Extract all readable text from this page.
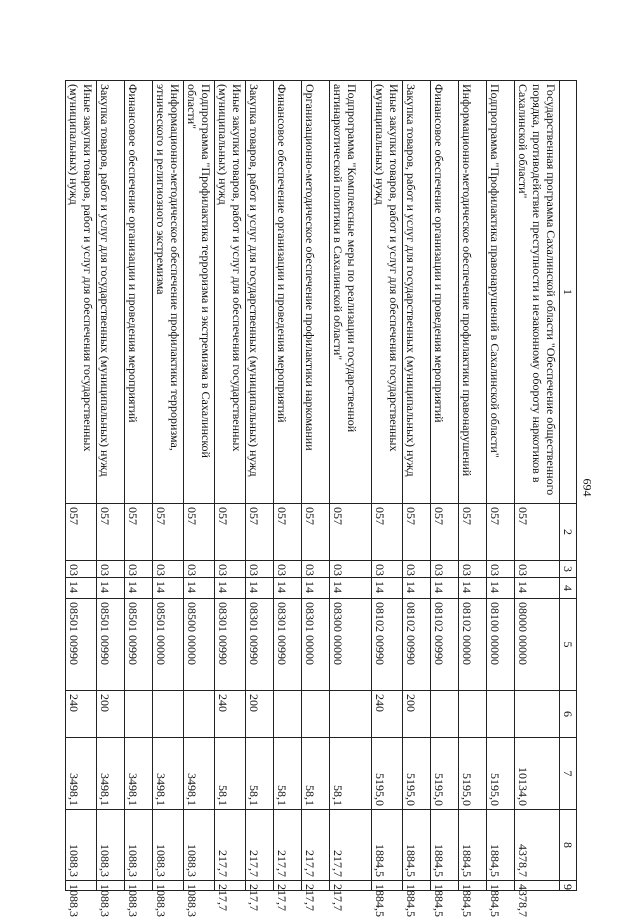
694
1	2	3	4	5	6	7	8	9
Государственная программа Сахалинской области "Обеспечение общественного порядка, противодействие преступности и незаконному обороту наркотиков в Сахалинской области"	057	03	14	08000 00000		10134,0	4378,7	4378,7
Подпрограмма "Профилактика правонарушений в Сахалинской области"	057	03	14	08100 00000		5195,0	1884,5	1884,5
Информационно-методическое обеспечение профилактики правонарушений	057	03	14	08102 00000		5195,0	1884,5	1884,5
Финансовое обеспечение организации и проведения мероприятий	057	03	14	08102 00990		5195,0	1884,5	1884,5
Закупка товаров, работ и услуг для государственных (муниципальных) нужд	057	03	14	08102 00990	200	5195,0	1884,5	1884,5
Иные закупки товаров, работ и услуг для обеспечения государственных (муниципальных) нужд	057	03	14	08102 00990	240	5195,0	1884,5	1884,5
Подпрограмма "Комплексные меры по реализации государственной антинаркотической политики в Сахалинской области"	057	03	14	08300 00000		58,1	217,7	217,7
Организационно-методическое обеспечение профилактики наркомании	057	03	14	08301 00000		58,1	217,7	217,7
Финансовое обеспечение организации и проведения мероприятий	057	03	14	08301 00990		58,1	217,7	217,7
Закупка товаров, работ и услуг для государственных (муниципальных) нужд	057	03	14	08301 00990	200	58,1	217,7	217,7
Иные закупки товаров, работ и услуг для обеспечения государственных (муниципальных) нужд	057	03	14	08301 00990	240	58,1	217,7	217,7
Подпрограмма "Профилактика терроризма и экстремизма в Сахалинской области"	057	03	14	08500 00000		3498,1	1088,3	1088,3
Информационно-методическое обеспечение профилактики терроризма, этнического и религиозного экстремизма	057	03	14	08501 00000		3498,1	1088,3	1088,3
Финансовое обеспечение организации и проведения мероприятий	057	03	14	08501 00990		3498,1	1088,3	1088,3
Закупка товаров, работ и услуг для государственных (муниципальных) нужд	057	03	14	08501 00990	200	3498,1	1088,3	1088,3
Иные закупки товаров, работ и услуг для обеспечения государственных (муниципальных) нужд	057	03	14	08501 00990	240	3498,1	1088,3	1088,3
